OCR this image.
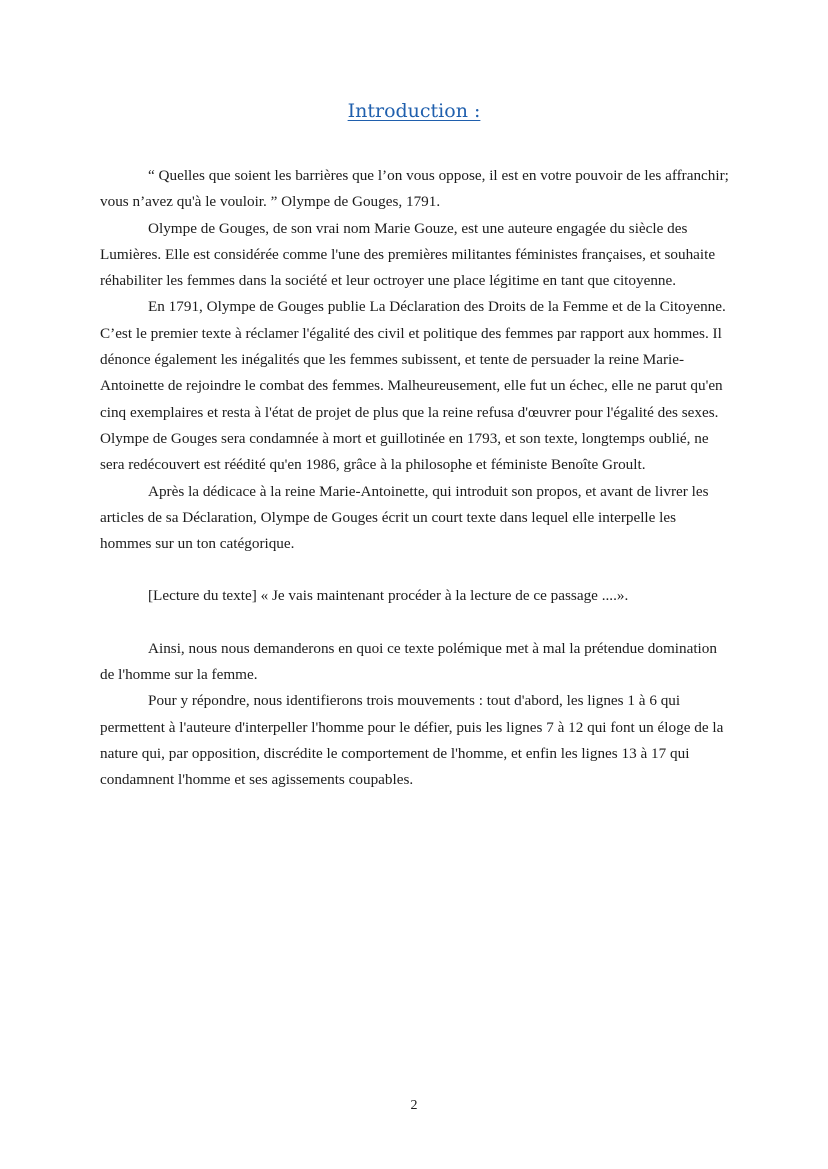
Introduction :

“ Quelles que soient les barrières que l’on vous oppose, il est en votre pouvoir de les affranchir; vous n’avez qu'à le vouloir. ” Olympe de Gouges, 1791.

Olympe de Gouges, de son vrai nom Marie Gouze, est une auteure engagée du siècle des Lumières. Elle est considérée comme l'une des premières militantes féministes françaises, et souhaite réhabiliter les femmes dans la société et leur octroyer une place légitime en tant que citoyenne.

En 1791, Olympe de Gouges publie La Déclaration des Droits de la Femme et de la Citoyenne. C’est le premier texte à réclamer l'égalité des civil et politique des femmes par rapport aux hommes. Il dénonce également les inégalités que les femmes subissent, et tente de persuader la reine Marie-Antoinette de rejoindre le combat des femmes. Malheureusement, elle fut un échec, elle ne parut qu'en cinq exemplaires et resta à l'état de projet de plus que la reine refusa d'œuvrer pour l'égalité des sexes. Olympe de Gouges sera condamnée à mort et guillotinée en 1793, et son texte, longtemps oublié, ne sera redécouvert est réédité qu'en 1986, grâce à la philosophe et féministe Benoîte Groult.

Après la dédicace à la reine Marie-Antoinette, qui introduit son propos, et avant de livrer les articles de sa Déclaration, Olympe de Gouges écrit un court texte dans lequel elle interpelle les hommes sur un ton catégorique.

[Lecture du texte] « Je vais maintenant procéder à la lecture de ce passage ....».

Ainsi, nous nous demanderons en quoi ce texte polémique met à mal la prétendue domination de l'homme sur la femme.

Pour y répondre, nous identifierons trois mouvements : tout d'abord, les lignes 1 à 6 qui permettent à l'auteure d'interpeller l'homme pour le défier, puis les lignes 7 à 12 qui font un éloge de la nature qui, par opposition, discrédite le comportement de l'homme, et enfin les lignes 13 à 17 qui condamnent l'homme et ses agissements coupables.

2
